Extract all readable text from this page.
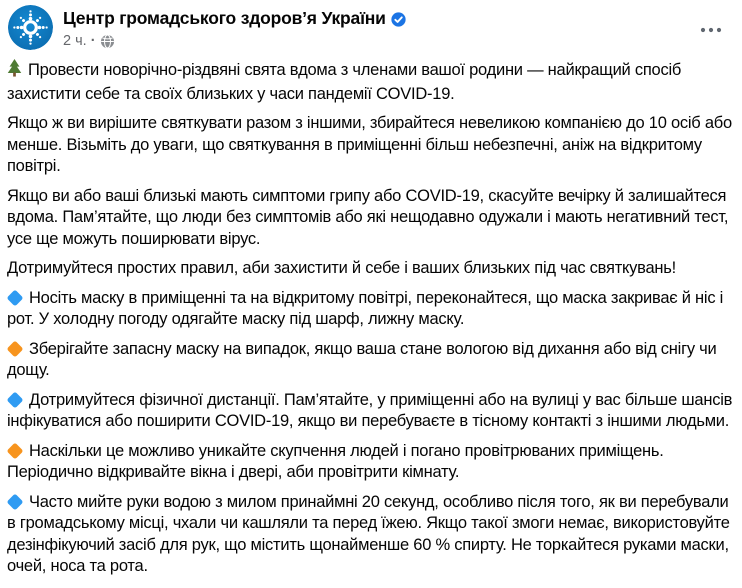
Центр громадського здоров’я України
2 ч. ·

Провести новорічно-різдвяні свята вдома з членами вашої родини — найкращий спосіб захистити себе та своїх близьких у часи пандемії COVID-19.

Якщо ж ви вирішите святкувати разом з іншими, збирайтеся невеликою компанією до 10 осіб або менше. Візьміть до уваги, що святкування в приміщенні більш небезпечні, аніж на відкритому повітрі.

Якщо ви або ваші близькі мають симптоми грипу або COVID-19, скасуйте вечірку й залишайтеся вдома. Пам’ятайте, що люди без симптомів або які нещодавно одужали і мають негативний тест, усе ще можуть поширювати вірус.

Дотримуйтеся простих правил, аби захистити й себе і ваших близьких під час святкувань!

Носіть маску в приміщенні та на відкритому повітрі, переконайтеся, що маска закриває й ніс і рот. У холодну погоду одягайте маску під шарф, лижну маску.

Зберігайте запасну маску на випадок, якщо ваша стане вологою від дихання або від снігу чи дощу.

Дотримуйтеся фізичної дистанції. Пам’ятайте, у приміщенні або на вулиці у вас більше шансів інфікуватися або поширити COVID-19, якщо ви перебуваєте в тісному контакті з іншими людьми.

Наскільки це можливо уникайте скупчення людей і погано провітрюваних приміщень. Періодично відкривайте вікна і двері, аби провітрити кімнату.

Часто мийте руки водою з милом принаймні 20 секунд, особливо після того, як ви перебували в громадському місці, чхали чи кашляли та перед їжею. Якщо такої змоги немає, використовуйте дезінфікуючий засіб для рук, що містить щонайменше 60 % спирту. Не торкайтеся руками маски, очей, носа та рота.
